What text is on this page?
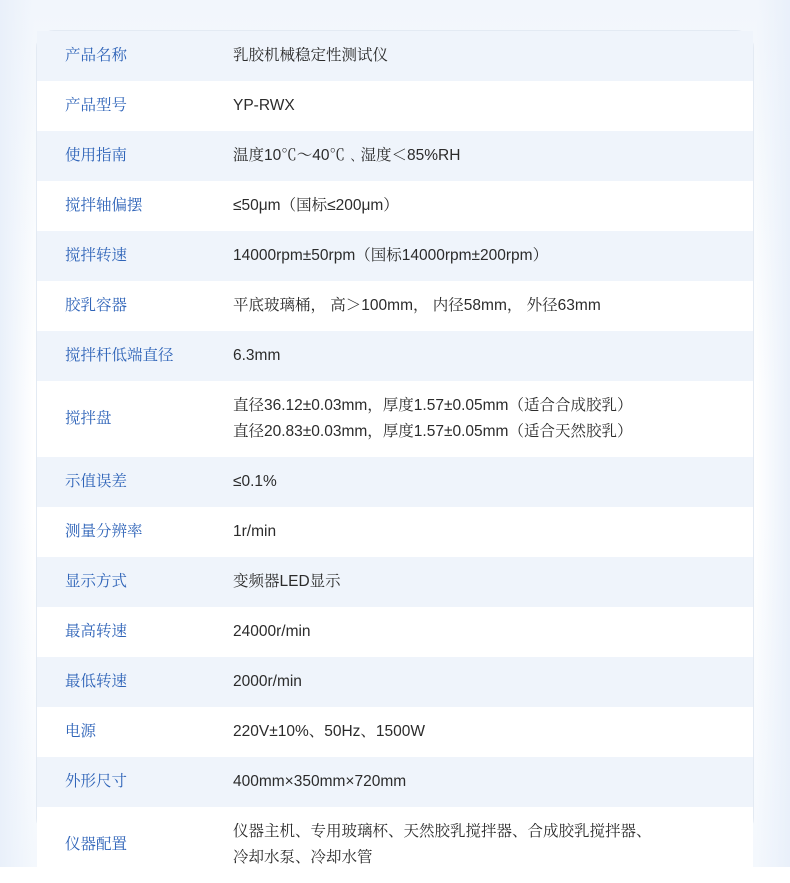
产品名称	乳胶机械稳定性测试仪

产品型号	YP-RWX

使用指南	温度10℃～40℃﹑湿度＜85%RH

搅拌轴偏摆	≤50μm（国标≤200μm）

搅拌转速	14000rpm±50rpm（国标14000rpm±200rpm）

胶乳容器	平底玻璃桶， 高＞100mm， 内径58mm， 外径63mm

搅拌杆低端直径	6.3mm

搅拌盘	直径36.12±0.03mm，厚度1.57±0.05mm（适合合成胶乳）
直径20.83±0.03mm，厚度1.57±0.05mm（适合天然胶乳）

示值误差	≤0.1%

测量分辨率	1r/min

显示方式	变频器LED显示

最高转速	24000r/min

最低转速	2000r/min

电源	220V±10%、50Hz、1500W

外形尺寸	400mm×350mm×720mm

仪器配置	仪器主机、专用玻璃杯、天然胶乳搅拌器、合成胶乳搅拌器、
冷却水泵、冷却水管
